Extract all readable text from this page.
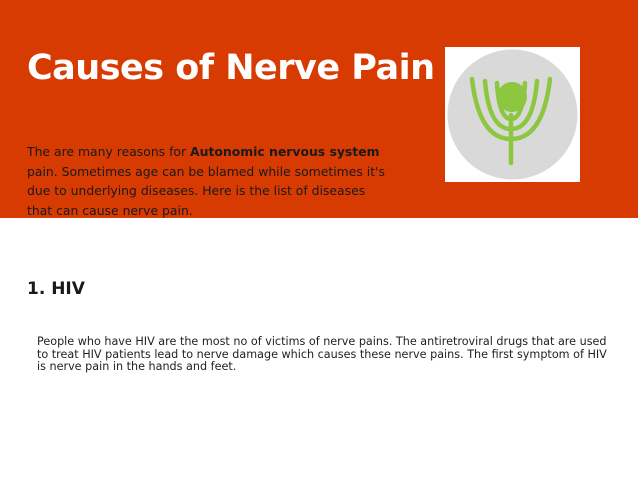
Causes of Nerve Pain

The are many reasons for Autonomic nervous system pain. Sometimes age can be blamed while sometimes it's due to underlying diseases. Here is the list of diseases that can cause nerve pain.

1. HIV

People who have HIV are the most no of victims of nerve pains. The antiretroviral drugs that are used to treat HIV patients lead to nerve damage which causes these nerve pains. The first symptom of HIV is nerve pain in the hands and feet.
